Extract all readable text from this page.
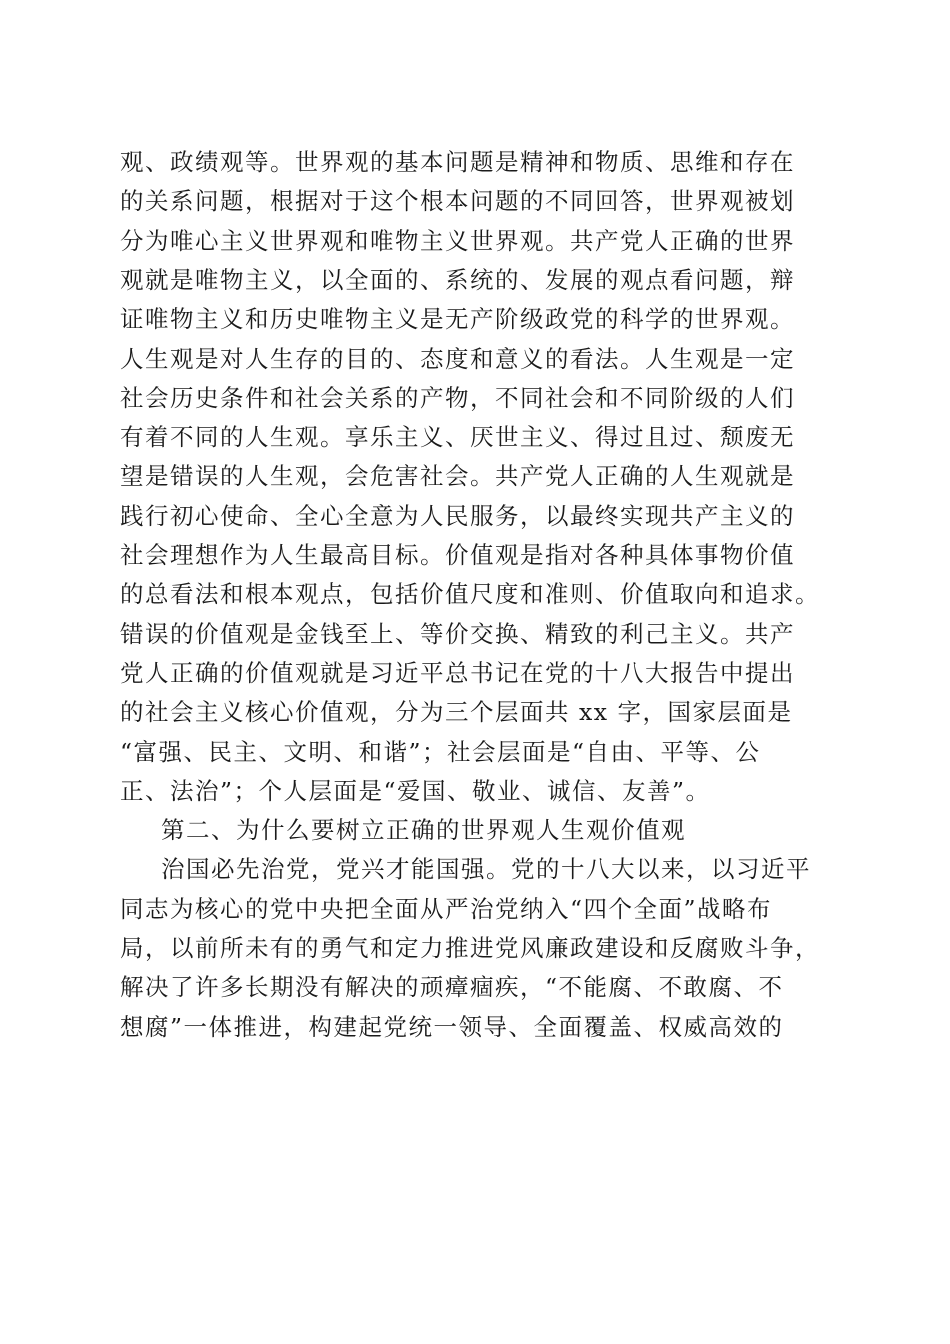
观、政绩观等。世界观的基本问题是精神和物质、思维和存在
的关系问题，根据对于这个根本问题的不同回答，世界观被划
分为唯心主义世界观和唯物主义世界观。共产党人正确的世界
观就是唯物主义，以全面的、系统的、发展的观点看问题，辩
证唯物主义和历史唯物主义是无产阶级政党的科学的世界观。
人生观是对人生存的目的、态度和意义的看法。人生观是一定
社会历史条件和社会关系的产物，不同社会和不同阶级的人们
有着不同的人生观。享乐主义、厌世主义、得过且过、颓废无
望是错误的人生观，会危害社会。共产党人正确的人生观就是
践行初心使命、全心全意为人民服务，以最终实现共产主义的
社会理想作为人生最高目标。价值观是指对各种具体事物价值
的总看法和根本观点，包括价值尺度和准则、价值取向和追求。
错误的价值观是金钱至上、等价交换、精致的利己主义。共产
党人正确的价值观就是习近平总书记在党的十八大报告中提出
的社会主义核心价值观，分为三个层面共 xx 字，国家层面是
“富强、民主、文明、和谐”；社会层面是“自由、平等、公
正、法治”；个人层面是“爱国、敬业、诚信、友善”。
第二、为什么要树立正确的世界观人生观价值观
治国必先治党，党兴才能国强。党的十八大以来，以习近平
同志为核心的党中央把全面从严治党纳入“四个全面”战略布
局，以前所未有的勇气和定力推进党风廉政建设和反腐败斗争，
解决了许多长期没有解决的顽瘴痼疾，“不能腐、不敢腐、不
想腐”一体推进，构建起党统一领导、全面覆盖、权威高效的
